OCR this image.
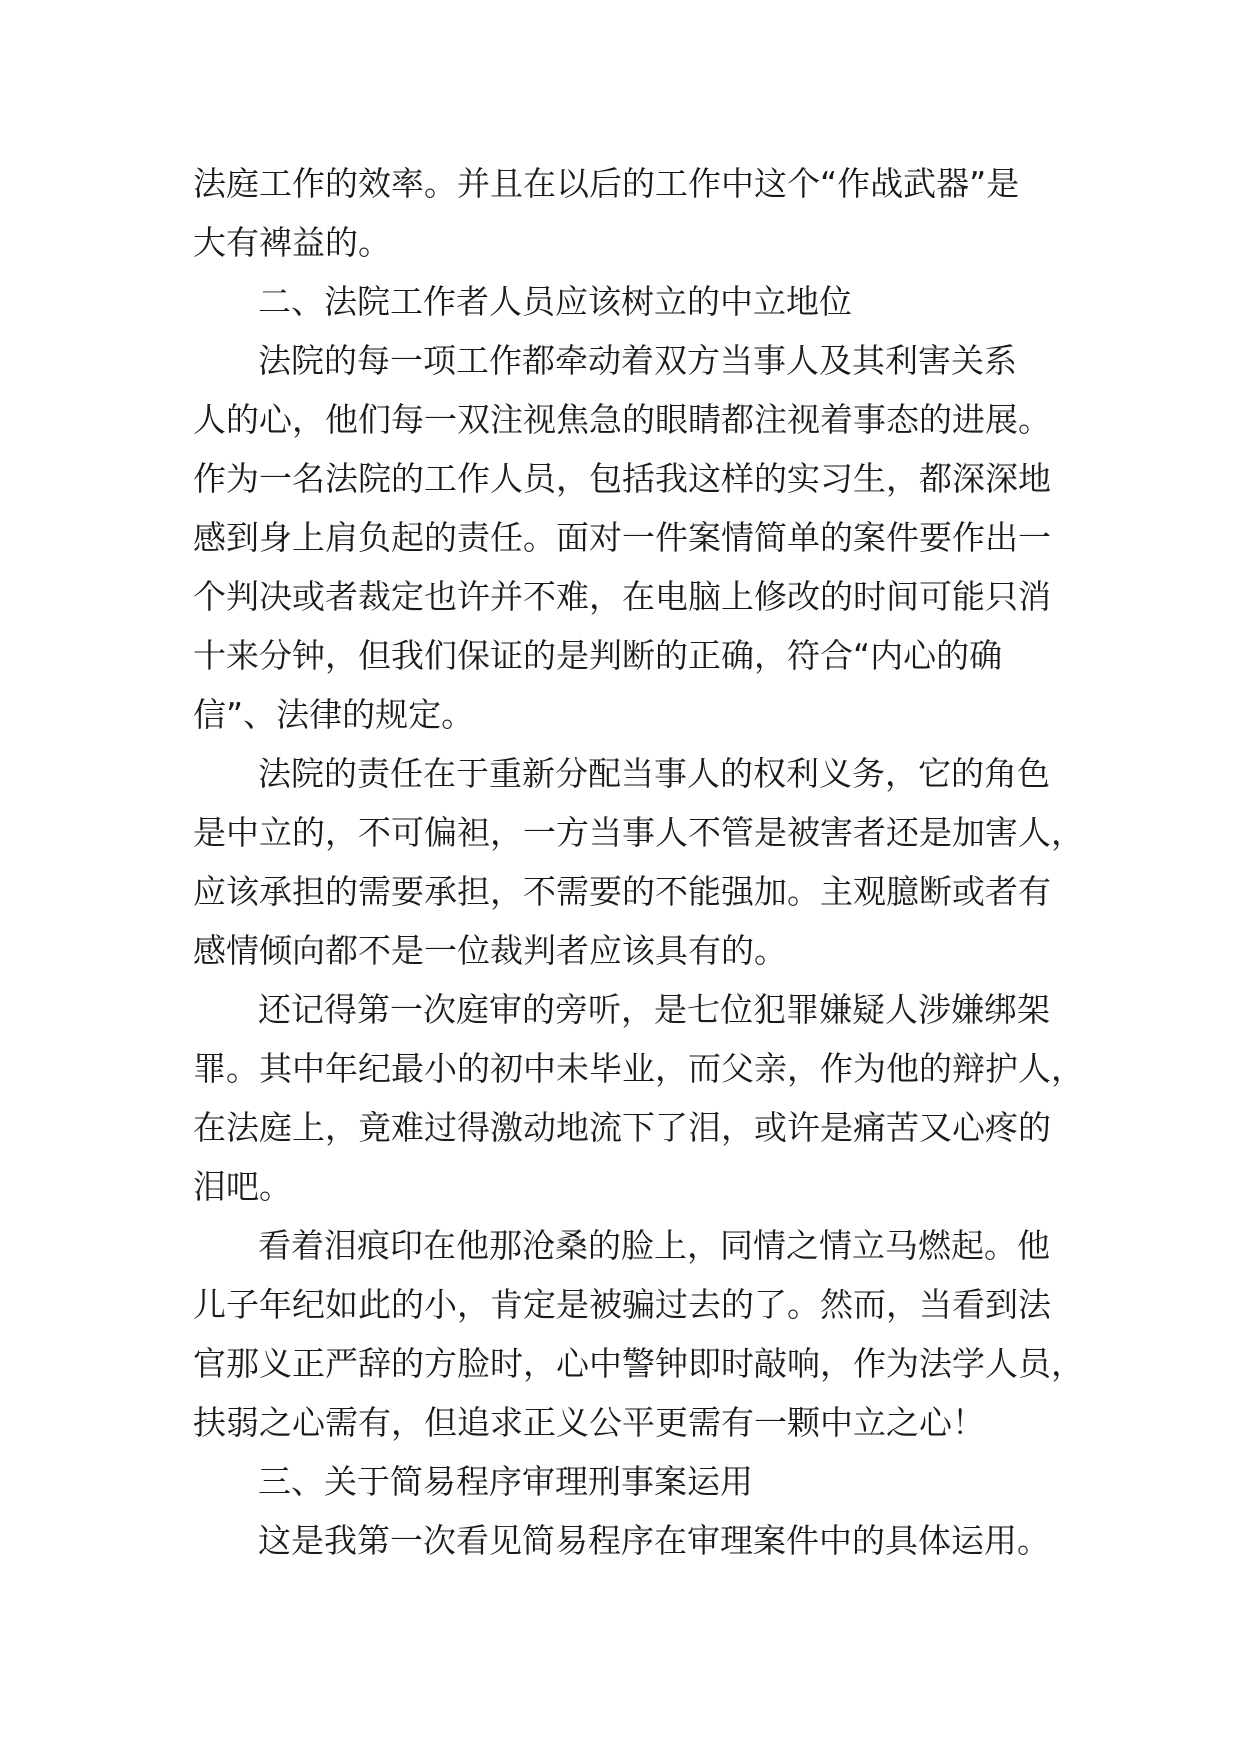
法庭工作的效率。并且在以后的工作中这个“作战武器”是
大有裨益的。
二、法院工作者人员应该树立的中立地位
法院的每一项工作都牵动着双方当事人及其利害关系
人的心，他们每一双注视焦急的眼睛都注视着事态的进展。
作为一名法院的工作人员，包括我这样的实习生，都深深地
感到身上肩负起的责任。面对一件案情简单的案件要作出一
个判决或者裁定也许并不难，在电脑上修改的时间可能只消
十来分钟，但我们保证的是判断的正确，符合“内心的确
信”、法律的规定。
法院的责任在于重新分配当事人的权利义务，它的角色
是中立的，不可偏袒，一方当事人不管是被害者还是加害人，
应该承担的需要承担，不需要的不能强加。主观臆断或者有
感情倾向都不是一位裁判者应该具有的。
还记得第一次庭审的旁听，是七位犯罪嫌疑人涉嫌绑架
罪。其中年纪最小的初中未毕业，而父亲，作为他的辩护人，
在法庭上，竟难过得激动地流下了泪，或许是痛苦又心疼的
泪吧。
看着泪痕印在他那沧桑的脸上，同情之情立马燃起。他
儿子年纪如此的小，肯定是被骗过去的了。然而，当看到法
官那义正严辞的方脸时，心中警钟即时敲响，作为法学人员，
扶弱之心需有，但追求正义公平更需有一颗中立之心！
三、关于简易程序审理刑事案运用
这是我第一次看见简易程序在审理案件中的具体运用。
